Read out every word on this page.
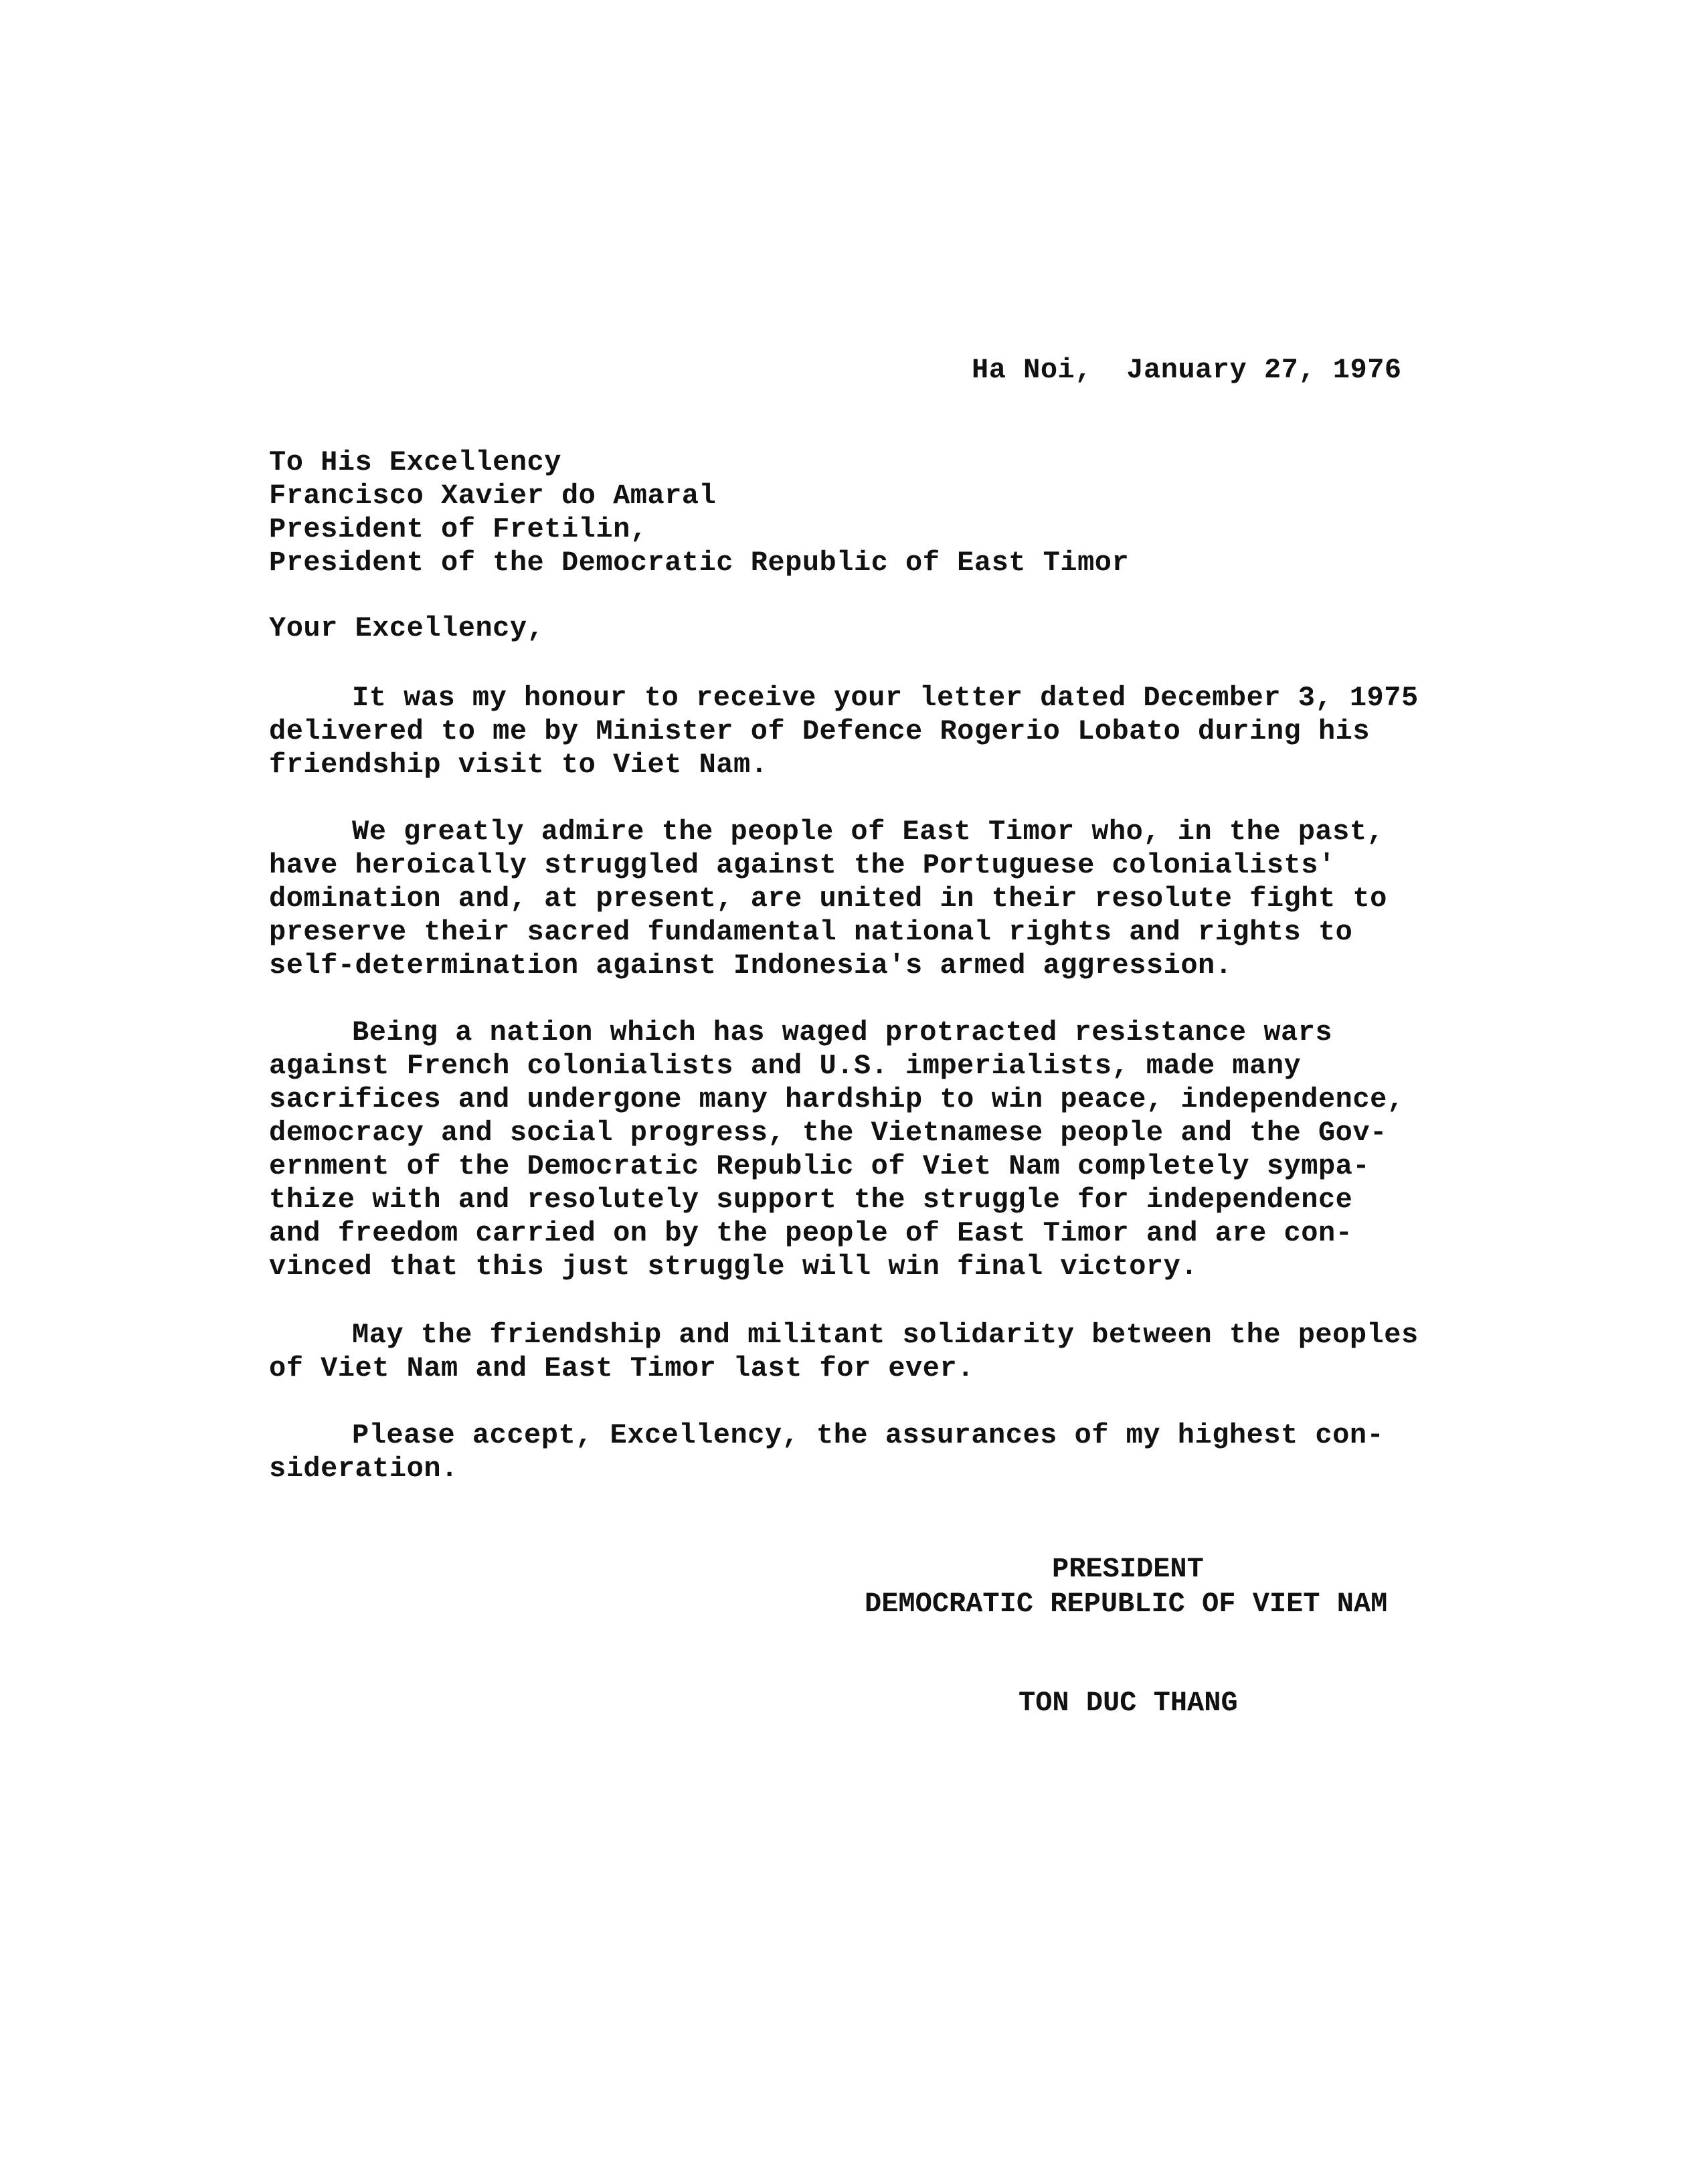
Ha Noi,  January 27, 1976
To His Excellency
Francisco Xavier do Amaral
President of Fretilin,
President of the Democratic Republic of East Timor
Your Excellency,
It was my honour to receive your letter dated December 3, 1975
delivered to me by Minister of Defence Rogerio Lobato during his
friendship visit to Viet Nam.
We greatly admire the people of East Timor who, in the past,
have heroically struggled against the Portuguese colonialists'
domination and, at present, are united in their resolute fight to
preserve their sacred fundamental national rights and rights to
self-determination against Indonesia's armed aggression.
Being a nation which has waged protracted resistance wars
against French colonialists and U.S. imperialists, made many
sacrifices and undergone many hardship to win peace, independence,
democracy and social progress, the Vietnamese people and the Gov-
ernment of the Democratic Republic of Viet Nam completely sympa-
thize with and resolutely support the struggle for independence
and freedom carried on by the people of East Timor and are con-
vinced that this just struggle will win final victory.
May the friendship and militant solidarity between the peoples
of Viet Nam and East Timor last for ever.
Please accept, Excellency, the assurances of my highest con-
sideration.
PRESIDENT
DEMOCRATIC REPUBLIC OF VIET NAM
TON DUC THANG
